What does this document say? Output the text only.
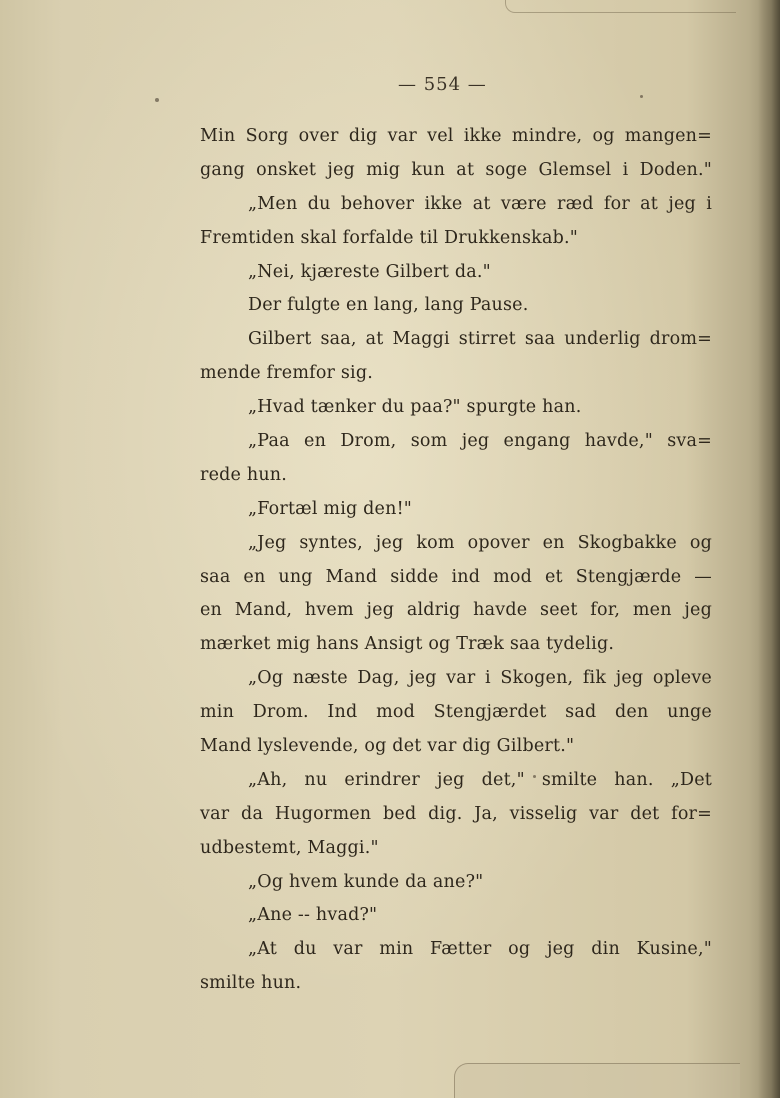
— 554 —
Min Sorg over dig var vel ikke mindre, og mangen=
gang onsket jeg mig kun at soge Glemsel i Doden."
„Men du behover ikke at være ræd for at jeg i
Fremtiden skal forfalde til Drukkenskab."
„Nei, kjæreste Gilbert da."
Der fulgte en lang, lang Pause.
Gilbert saa, at Maggi stirret saa underlig drom=
mende fremfor sig.
„Hvad tænker du paa?" spurgte han.
„Paa en Drom, som jeg engang havde," sva=
rede hun.
„Fortæl mig den!"
„Jeg syntes, jeg kom opover en Skogbakke og
saa en ung Mand sidde ind mod et Stengjærde —
en Mand, hvem jeg aldrig havde seet for, men jeg
mærket mig hans Ansigt og Træk saa tydelig.
„Og næste Dag, jeg var i Skogen, fik jeg opleve
min Drom. Ind mod Stengjærdet sad den unge
Mand lyslevende, og det var dig Gilbert."
„Ah, nu erindrer jeg det," smilte han. „Det
var da Hugormen bed dig. Ja, visselig var det for=
udbestemt, Maggi."
„Og hvem kunde da ane?"
„Ane -- hvad?"
„At du var min Fætter og jeg din Kusine,"
smilte hun.
